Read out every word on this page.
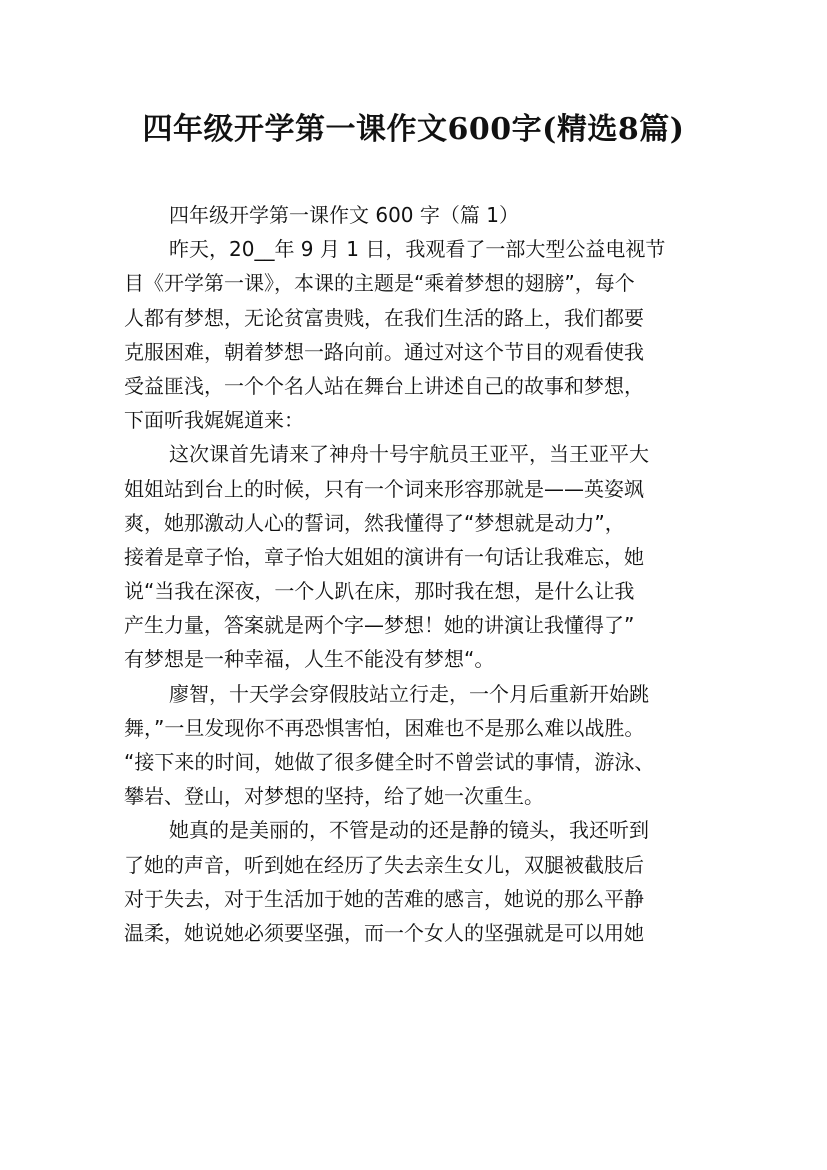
四年级开学第一课作文600字(精选8篇)
四年级开学第一课作文 600 字（篇 1）
昨天，20__年 9 月 1 日，我观看了一部大型公益电视节
目《开学第一课》，本课的主题是“乘着梦想的翅膀”，每个
人都有梦想，无论贫富贵贱，在我们生活的路上，我们都要
克服困难，朝着梦想一路向前。通过对这个节目的观看使我
受益匪浅，一个个名人站在舞台上讲述自己的故事和梦想，
下面听我娓娓道来：
这次课首先请来了神舟十号宇航员王亚平，当王亚平大
姐姐站到台上的时候，只有一个词来形容那就是——英姿飒
爽，她那激动人心的誓词，然我懂得了“梦想就是动力”，
接着是章子怡，章子怡大姐姐的演讲有一句话让我难忘，她
说“当我在深夜，一个人趴在床，那时我在想，是什么让我
产生力量，答案就是两个字—梦想！她的讲演让我懂得了”
有梦想是一种幸福，人生不能没有梦想“。
廖智，十天学会穿假肢站立行走，一个月后重新开始跳
舞，”一旦发现你不再恐惧害怕，困难也不是那么难以战胜。
“接下来的时间，她做了很多健全时不曾尝试的事情，游泳、
攀岩、登山，对梦想的坚持，给了她一次重生。
她真的是美丽的，不管是动的还是静的镜头，我还听到
了她的声音，听到她在经历了失去亲生女儿，双腿被截肢后
对于失去，对于生活加于她的苦难的感言，她说的那么平静
温柔，她说她必须要坚强，而一个女人的坚强就是可以用她
